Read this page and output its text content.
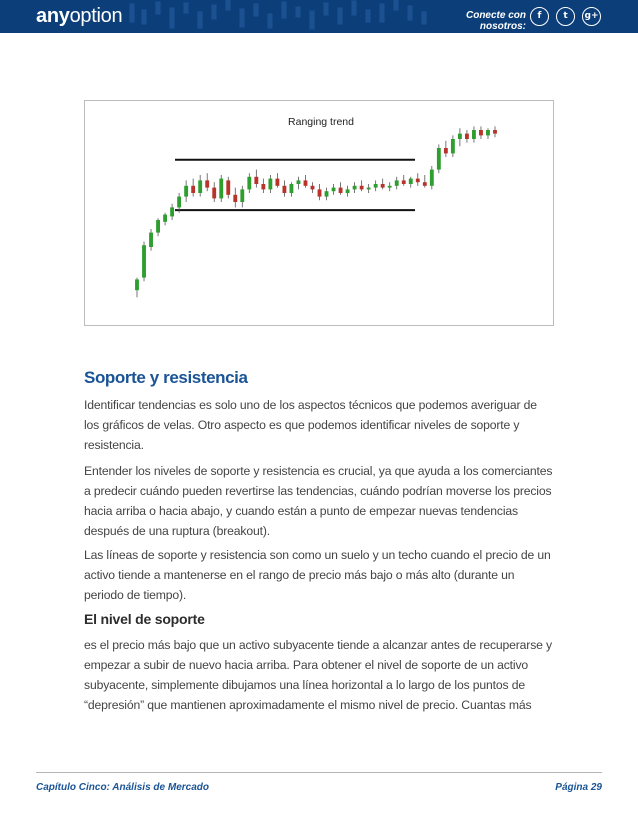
anyoption	Conecte con nosotros:
f	t	g+
Ranging trend
Soporte y resistencia
Identificar tendencias es solo uno de los aspectos técnicos que podemos averiguar de los gráficos de velas. Otro aspecto es que podemos identificar niveles de soporte y resistencia.
Entender los niveles de soporte y resistencia es crucial, ya que ayuda a los comerciantes a predecir cuándo pueden revertirse las tendencias, cuándo podrían moverse los precios hacia arriba o hacia abajo, y cuando están a punto de empezar nuevas tendencias después de una ruptura (breakout).
Las líneas de soporte y resistencia son como un suelo y un techo cuando el precio de un activo tiende a mantenerse en el rango de precio más bajo o más alto (durante un periodo de tiempo).
El nivel de soporte
es el precio más bajo que un activo subyacente tiende a alcanzar antes de recuperarse y empezar a subir de nuevo hacia arriba. Para obtener el nivel de soporte de un activo subyacente, simplemente dibujamos una línea horizontal a lo largo de los puntos de “depresión” que mantienen aproximadamente el mismo nivel de precio. Cuantas más
Capítulo Cinco: Análisis de Mercado	Página 29
